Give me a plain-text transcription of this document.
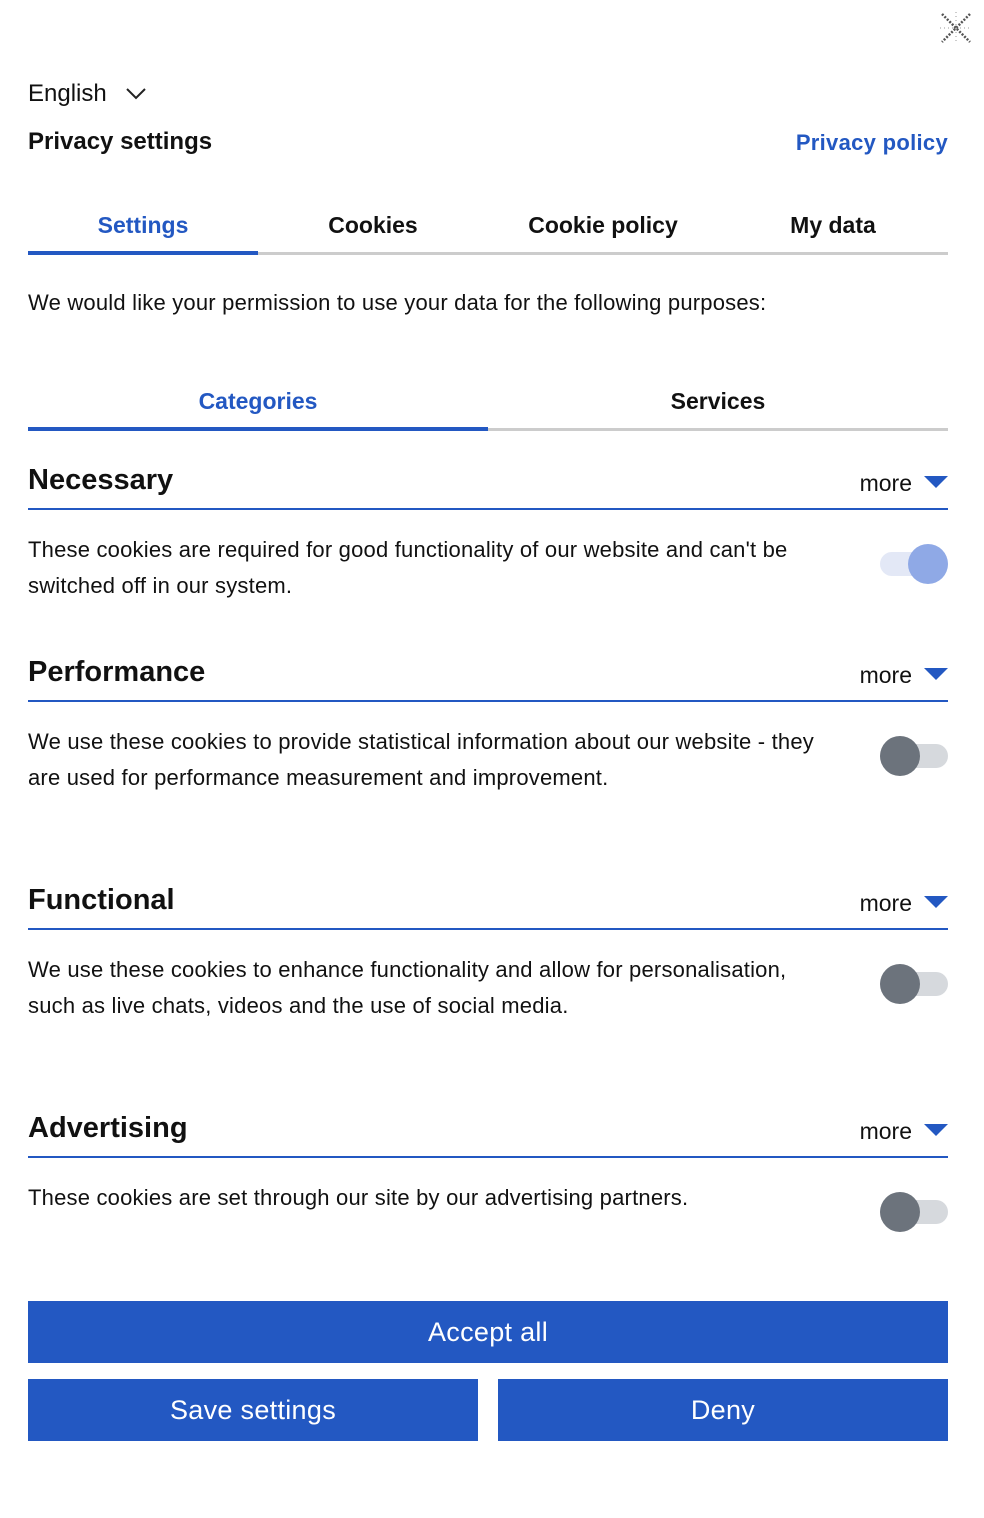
English
Privacy settings	Privacy policy
Settings	Cookies	Cookie policy	My data
We would like your permission to use your data for the following purposes:
Categories	Services
Necessary	more
These cookies are required for good functionality of our website and can't be switched off in our system.
Performance	more
We use these cookies to provide statistical information about our website - they are used for performance measurement and improvement.
Functional	more
We use these cookies to enhance functionality and allow for personalisation, such as live chats, videos and the use of social media.
Advertising	more
These cookies are set through our site by our advertising partners.
Accept all
Save settings	Deny
